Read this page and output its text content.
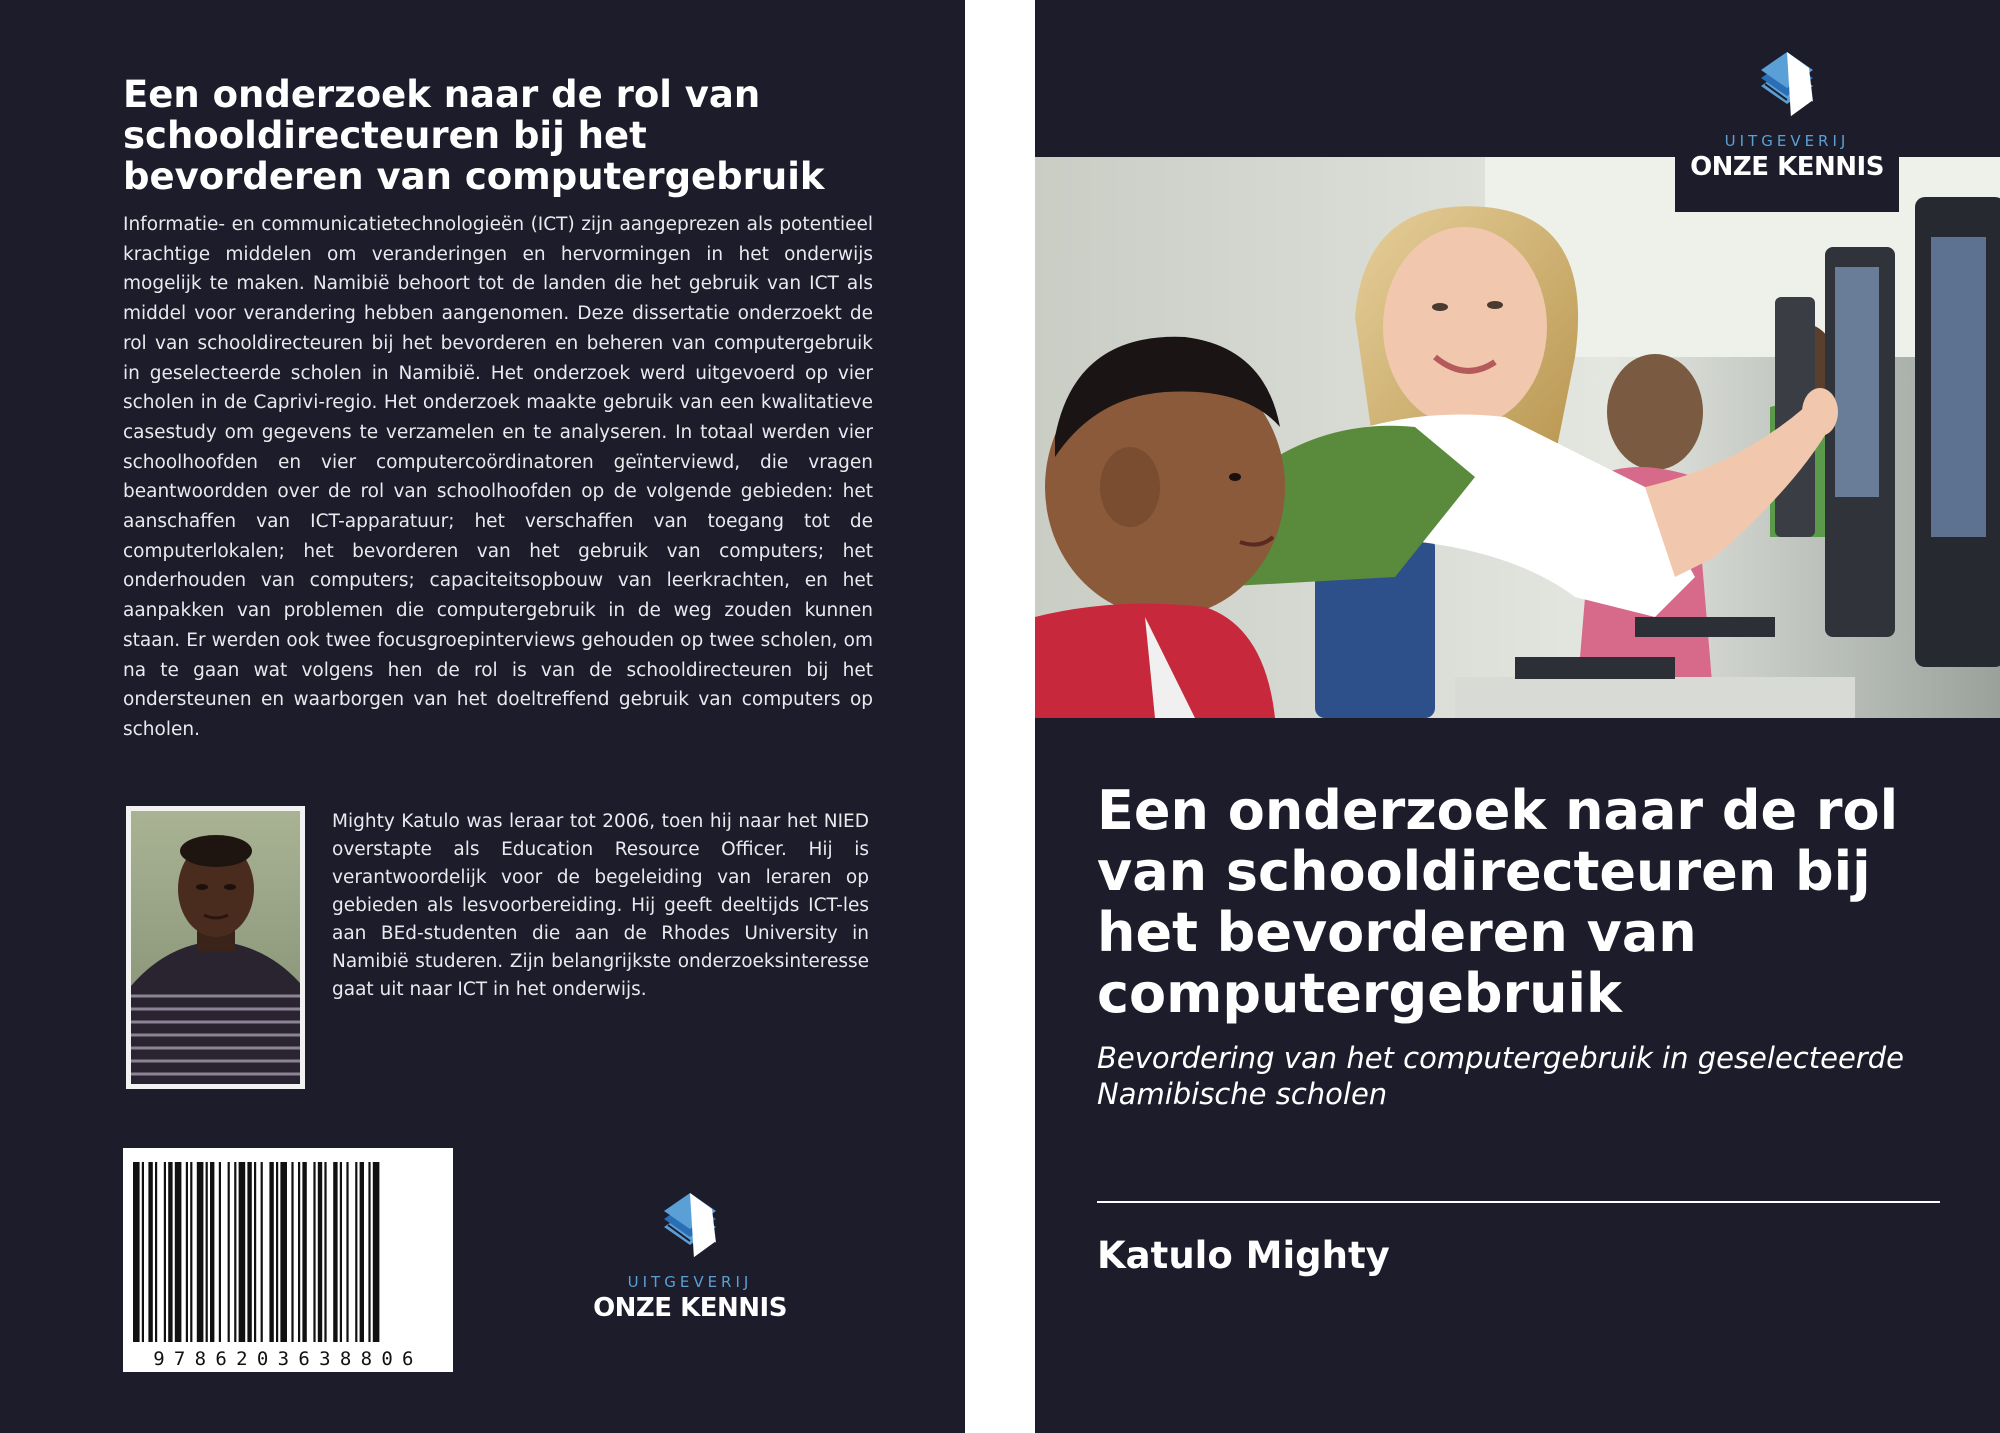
Een onderzoek naar de rol van schooldirecteuren bij het bevorderen van computergebruik

Informatie- en communicatietechnologieën (ICT) zijn aangeprezen als potentieel krachtige middelen om veranderingen en hervormingen in het onderwijs mogelijk te maken. Namibië behoort tot de landen die het gebruik van ICT als middel voor verandering hebben aangenomen. Deze dissertatie onderzoekt de rol van schooldirecteuren bij het bevorderen en beheren van computergebruik in geselecteerde scholen in Namibië. Het onderzoek werd uitgevoerd op vier scholen in de Caprivi-regio. Het onderzoek maakte gebruik van een kwalitatieve casestudy om gegevens te verzamelen en te analyseren. In totaal werden vier schoolhoofden en vier computercoördinatoren geïnterviewd, die vragen beantwoordden over de rol van schoolhoofden op de volgende gebieden: het aanschaffen van ICT-apparatuur; het verschaffen van toegang tot de computerlokalen; het bevorderen van het gebruik van computers; het onderhouden van computers; capaciteitsopbouw van leerkrachten, en het aanpakken van problemen die computergebruik in de weg zouden kunnen staan. Er werden ook twee focusgroepinterviews gehouden op twee scholen, om na te gaan wat volgens hen de rol is van de schooldirecteuren bij het ondersteunen en waarborgen van het doeltreffend gebruik van computers op scholen.

Mighty Katulo was leraar tot 2006, toen hij naar het NIED overstapte als Education Resource Officer. Hij is verantwoordelijk voor de begeleiding van leraren op gebieden als lesvoorbereiding. Hij geeft deeltijds ICT-les aan BEd-studenten die aan de Rhodes University in Namibië studeren. Zijn belangrijkste onderzoeksinteresse gaat uit naar ICT in het onderwijs.

9786203638806
UITGEVERIJ
ONZE KENNIS
UITGEVERIJ
ONZE KENNIS
Een onderzoek naar de rol van schooldirecteuren bij het bevorderen van computergebruik

Bevordering van het computergebruik in geselecteerde Namibische scholen

Katulo Mighty
